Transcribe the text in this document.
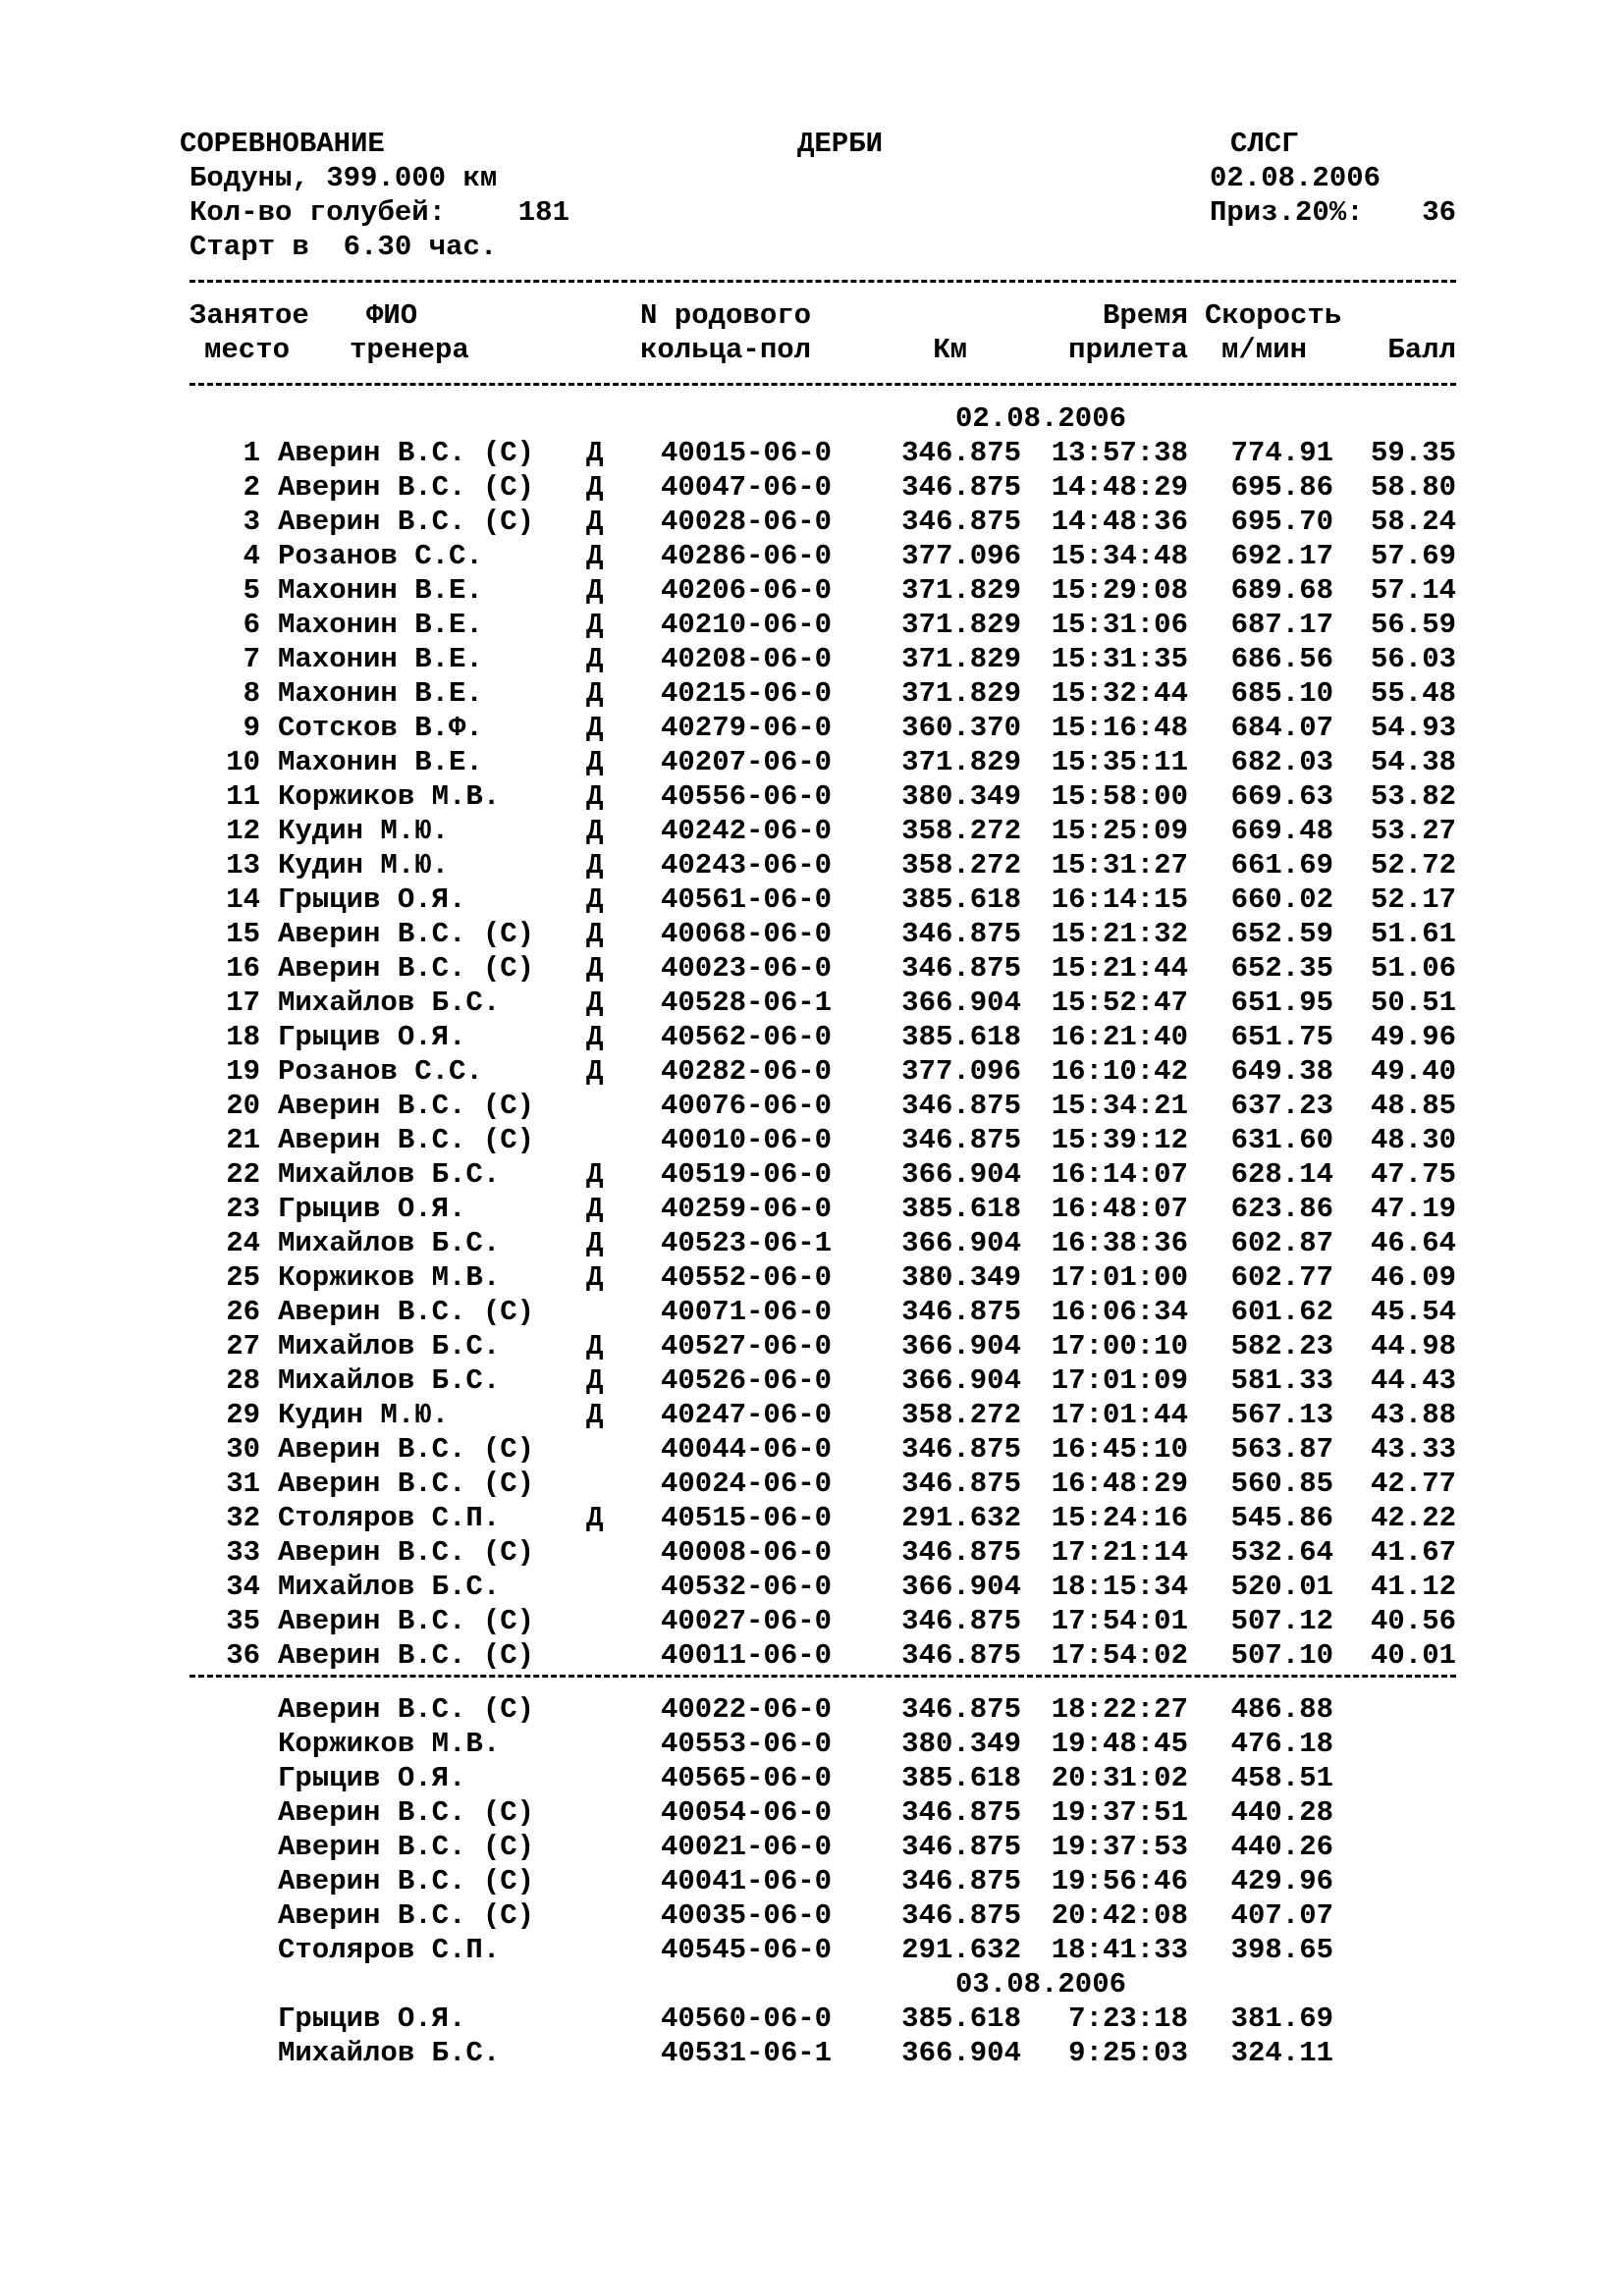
СОРЕВНОВАНИЕ	ДЕРБИ	СЛСГ
Бодуны, 399.000 км	02.08.2006
Кол-во голубей:	181	Приз.20%:	36
Старт в  6.30 час.
Занятое ФИО	N родового	Время Скорость
место тренера	кольца-пол	Км	прилета м/мин	Балл
02.08.2006
1 Аверин В.С. (С) Д 40015-06-0	346.875	13:57:38	774.91	59.35
2 Аверин В.С. (С) Д 40047-06-0	346.875	14:48:29	695.86	58.80
3 Аверин В.С. (С) Д 40028-06-0	346.875	14:48:36	695.70	58.24
4 Розанов С.С.	Д 40286-06-0	377.096	15:34:48	692.17	57.69
5 Махонин В.Е.	Д 40206-06-0	371.829	15:29:08	689.68	57.14
6 Махонин В.Е.	Д 40210-06-0	371.829	15:31:06	687.17	56.59
7 Махонин В.Е.	Д 40208-06-0	371.829	15:31:35	686.56	56.03
8 Махонин В.Е.	Д 40215-06-0	371.829	15:32:44	685.10	55.48
9 Сотсков В.Ф.	Д 40279-06-0	360.370	15:16:48	684.07	54.93
10 Махонин В.Е.	Д 40207-06-0	371.829	15:35:11	682.03	54.38
11 Коржиков М.В.	Д 40556-06-0	380.349	15:58:00	669.63	53.82
12 Кудин М.Ю.	Д 40242-06-0	358.272	15:25:09	669.48	53.27
13 Кудин М.Ю.	Д 40243-06-0	358.272	15:31:27	661.69	52.72
14 Грыцив О.Я.	Д 40561-06-0	385.618	16:14:15	660.02	52.17
15 Аверин В.С. (С) Д 40068-06-0	346.875	15:21:32	652.59	51.61
16 Аверин В.С. (С) Д 40023-06-0	346.875	15:21:44	652.35	51.06
17 Михайлов Б.С.	Д 40528-06-1	366.904	15:52:47	651.95	50.51
18 Грыцив О.Я.	Д 40562-06-0	385.618	16:21:40	651.75	49.96
19 Розанов С.С.	Д 40282-06-0	377.096	16:10:42	649.38	49.40
20 Аверин В.С. (С)	40076-06-0	346.875	15:34:21	637.23	48.85
21 Аверин В.С. (С)	40010-06-0	346.875	15:39:12	631.60	48.30
22 Михайлов Б.С.	Д 40519-06-0	366.904	16:14:07	628.14	47.75
23 Грыцив О.Я.	Д 40259-06-0	385.618	16:48:07	623.86	47.19
24 Михайлов Б.С.	Д 40523-06-1	366.904	16:38:36	602.87	46.64
25 Коржиков М.В.	Д 40552-06-0	380.349	17:01:00	602.77	46.09
26 Аверин В.С. (С)	40071-06-0	346.875	16:06:34	601.62	45.54
27 Михайлов Б.С.	Д 40527-06-0	366.904	17:00:10	582.23	44.98
28 Михайлов Б.С.	Д 40526-06-0	366.904	17:01:09	581.33	44.43
29 Кудин М.Ю.	Д 40247-06-0	358.272	17:01:44	567.13	43.88
30 Аверин В.С. (С)	40044-06-0	346.875	16:45:10	563.87	43.33
31 Аверин В.С. (С)	40024-06-0	346.875	16:48:29	560.85	42.77
32 Столяров С.П.	Д 40515-06-0	291.632	15:24:16	545.86	42.22
33 Аверин В.С. (С)	40008-06-0	346.875	17:21:14	532.64	41.67
34 Михайлов Б.С.	40532-06-0	366.904	18:15:34	520.01	41.12
35 Аверин В.С. (С)	40027-06-0	346.875	17:54:01	507.12	40.56
36 Аверин В.С. (С)	40011-06-0	346.875	17:54:02	507.10	40.01
Аверин В.С. (С)	40022-06-0	346.875	18:22:27	486.88
Коржиков М.В.	40553-06-0	380.349	19:48:45	476.18
Грыцив О.Я.	40565-06-0	385.618	20:31:02	458.51
Аверин В.С. (С)	40054-06-0	346.875	19:37:51	440.28
Аверин В.С. (С)	40021-06-0	346.875	19:37:53	440.26
Аверин В.С. (С)	40041-06-0	346.875	19:56:46	429.96
Аверин В.С. (С)	40035-06-0	346.875	20:42:08	407.07
Столяров С.П.	40545-06-0	291.632	18:41:33	398.65
03.08.2006
Грыцив О.Я.	40560-06-0	385.618	7:23:18	381.69
Михайлов Б.С.	40531-06-1	366.904	9:25:03	324.11
